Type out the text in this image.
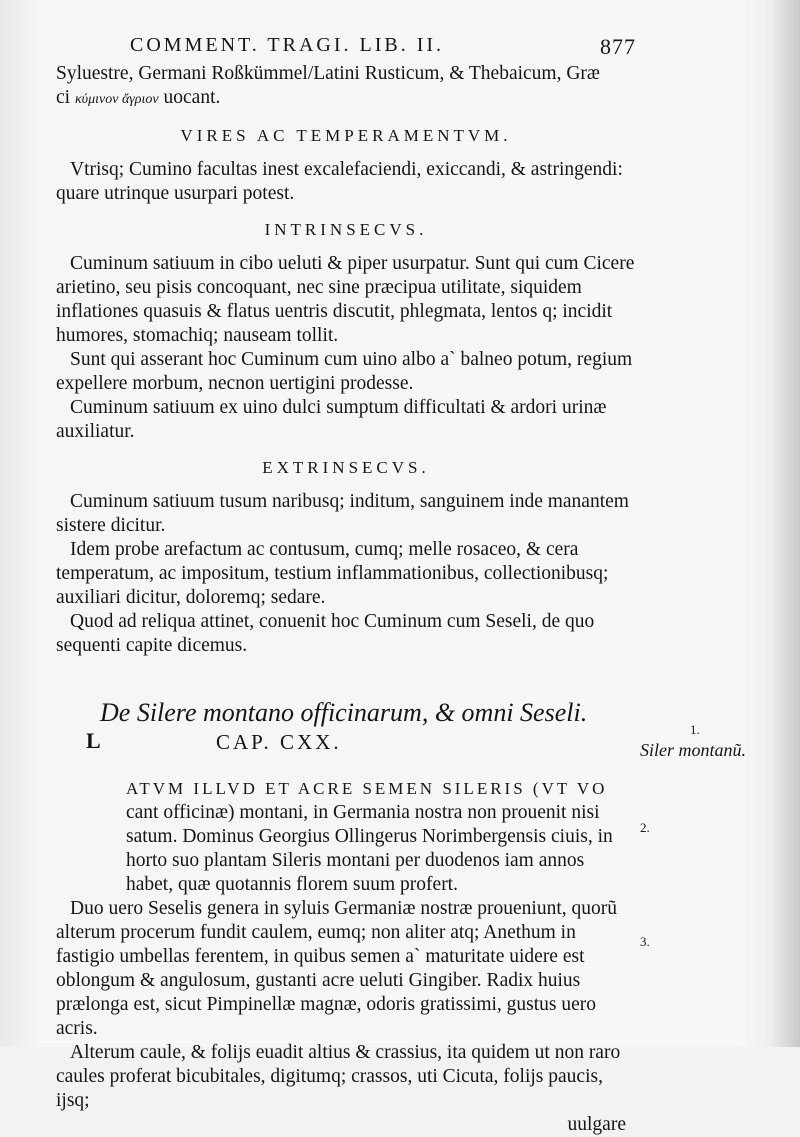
COMMENT. TRAGI. LIB. II.	877

Syluestre, Germani Roßkümmel/Latini Rusticum, & Thebaicum, Græ

ci κύμινον ἄγριον uocant.

VIRES AC TEMPERAMENTVM.

Vtrisq; Cumino facultas inest excalefaciendi, exiccandi, & astringendi: quare utrinque usurpari potest.

INTRINSECVS.

Cuminum satiuum in cibo ueluti & piper usurpatur. Sunt qui cum Cicere arietino, seu pisis concoquant, nec sine præcipua utilitate, siquidem inflationes quasuis & flatus uentris discutit, phlegmata, lentos q; incidit humores, stomachiq; nauseam tollit.

Sunt qui asserant hoc Cuminum cum uino albo a` balneo potum, regium expellere morbum, necnon uertigini prodesse.

Cuminum satiuum ex uino dulci sumptum difficultati & ardori urinæ auxiliatur.

EXTRINSECVS.

Cuminum satiuum tusum naribusq; inditum, sanguinem inde manantem sistere dicitur.

Idem probe arefactum ac contusum, cumq; melle rosaceo, & cera temperatum, ac impositum, testium inflammationibus, collectionibusq; auxiliari dicitur, doloremq; sedare.

Quod ad reliqua attinet, conuenit hoc Cuminum cum Seseli, de quo sequenti capite dicemus.

De Silere montano officinarum, & omni Seseli.
CAP. CXX.

ATVM ILLVD ET ACRE SEMEN SILERIS (VT VO cant officinæ) montani, in Germania nostra non prouenit nisi satum. Dominus Georgius Ollingerus Norimbergensis ciuis, in horto suo plantam Sileris montani per duodenos iam annos habet, quæ quotannis florem suum profert.

Duo uero Seselis genera in syluis Germaniæ nostræ proueniunt, quorũ alterum procerum fundit caulem, eumq; non aliter atq; Anethum in fastigio umbellas ferentem, in quibus semen a` maturitate uidere est oblongum & angulosum, gustanti acre ueluti Gingiber. Radix huius prælonga est, sicut Pimpinellæ magnæ, odoris gratissimi, gustus uero acris.

Alterum caule, & folijs euadit altius & crassius, ita quidem ut non raro caules proferat bicubitales, digitumq; crassos, uti Cicuta, folijs paucis, ijsq;

uulgare

L	1.
Siler montanũ.
2.
3.
